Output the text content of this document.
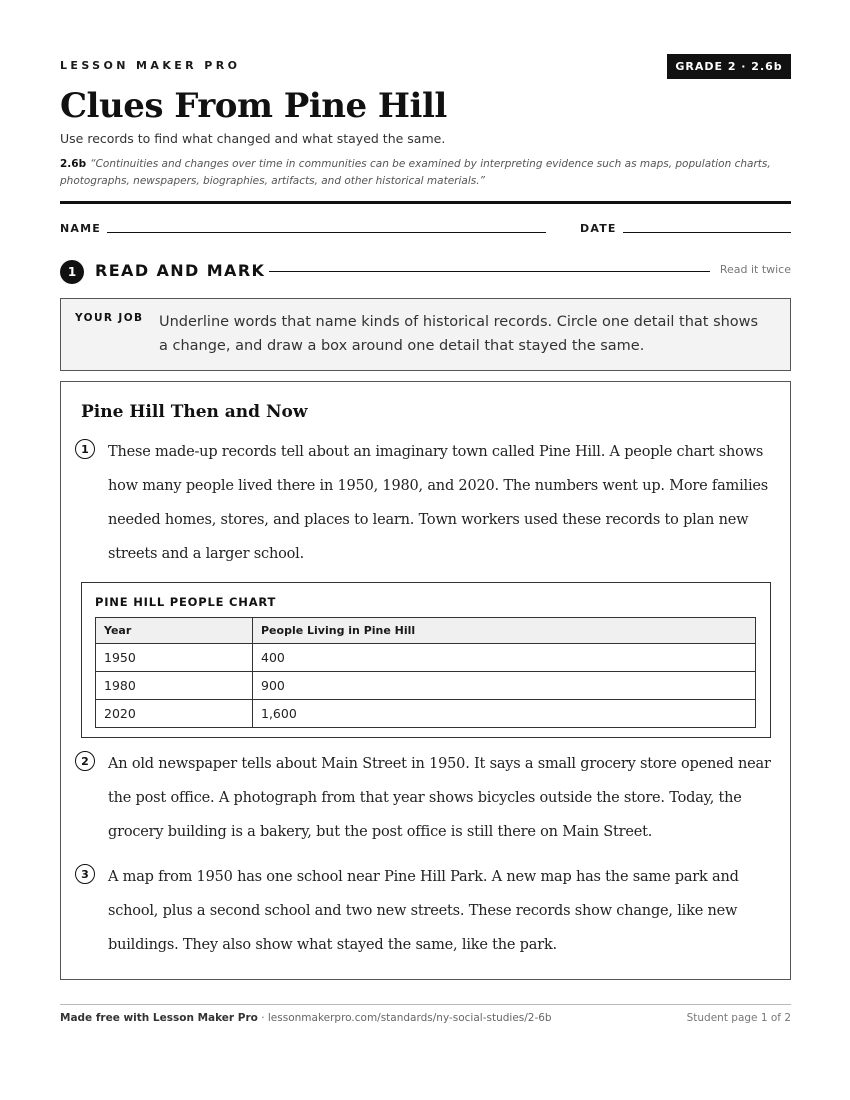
LESSON MAKER PRO	GRADE 2 · 2.6b
Clues From Pine Hill
Use records to find what changed and what stayed the same.
2.6b “Continuities and changes over time in communities can be examined by interpreting evidence such as maps, population charts, photographs, newspapers, biographies, artifacts, and other historical materials.”
NAME	DATE
1	READ AND MARK	Read it twice
YOUR JOB Underline words that name kinds of historical records. Circle one detail that shows a change, and draw a box around one detail that stayed the same.
Pine Hill Then and Now
1	These made-up records tell about an imaginary town called Pine Hill. A people chart shows how many people lived there in 1950, 1980, and 2020. The numbers went up. More families needed homes, stores, and places to learn. Town workers used these records to plan new streets and a larger school.

PINE HILL PEOPLE CHART
Year	People Living in Pine Hill
1950	400
1980	900
2020	1,600
2	An old newspaper tells about Main Street in 1950. It says a small grocery store opened near the post office. A photograph from that year shows bicycles outside the store. Today, the grocery building is a bakery, but the post office is still there on Main Street.

3	A map from 1950 has one school near Pine Hill Park. A new map has the same park and school, plus a second school and two new streets. These records show change, like new buildings. They also show what stayed the same, like the park.

Made free with Lesson Maker Pro · lessonmakerpro.com/standards/ny-social-studies/2-6b	Student page 1 of 2
